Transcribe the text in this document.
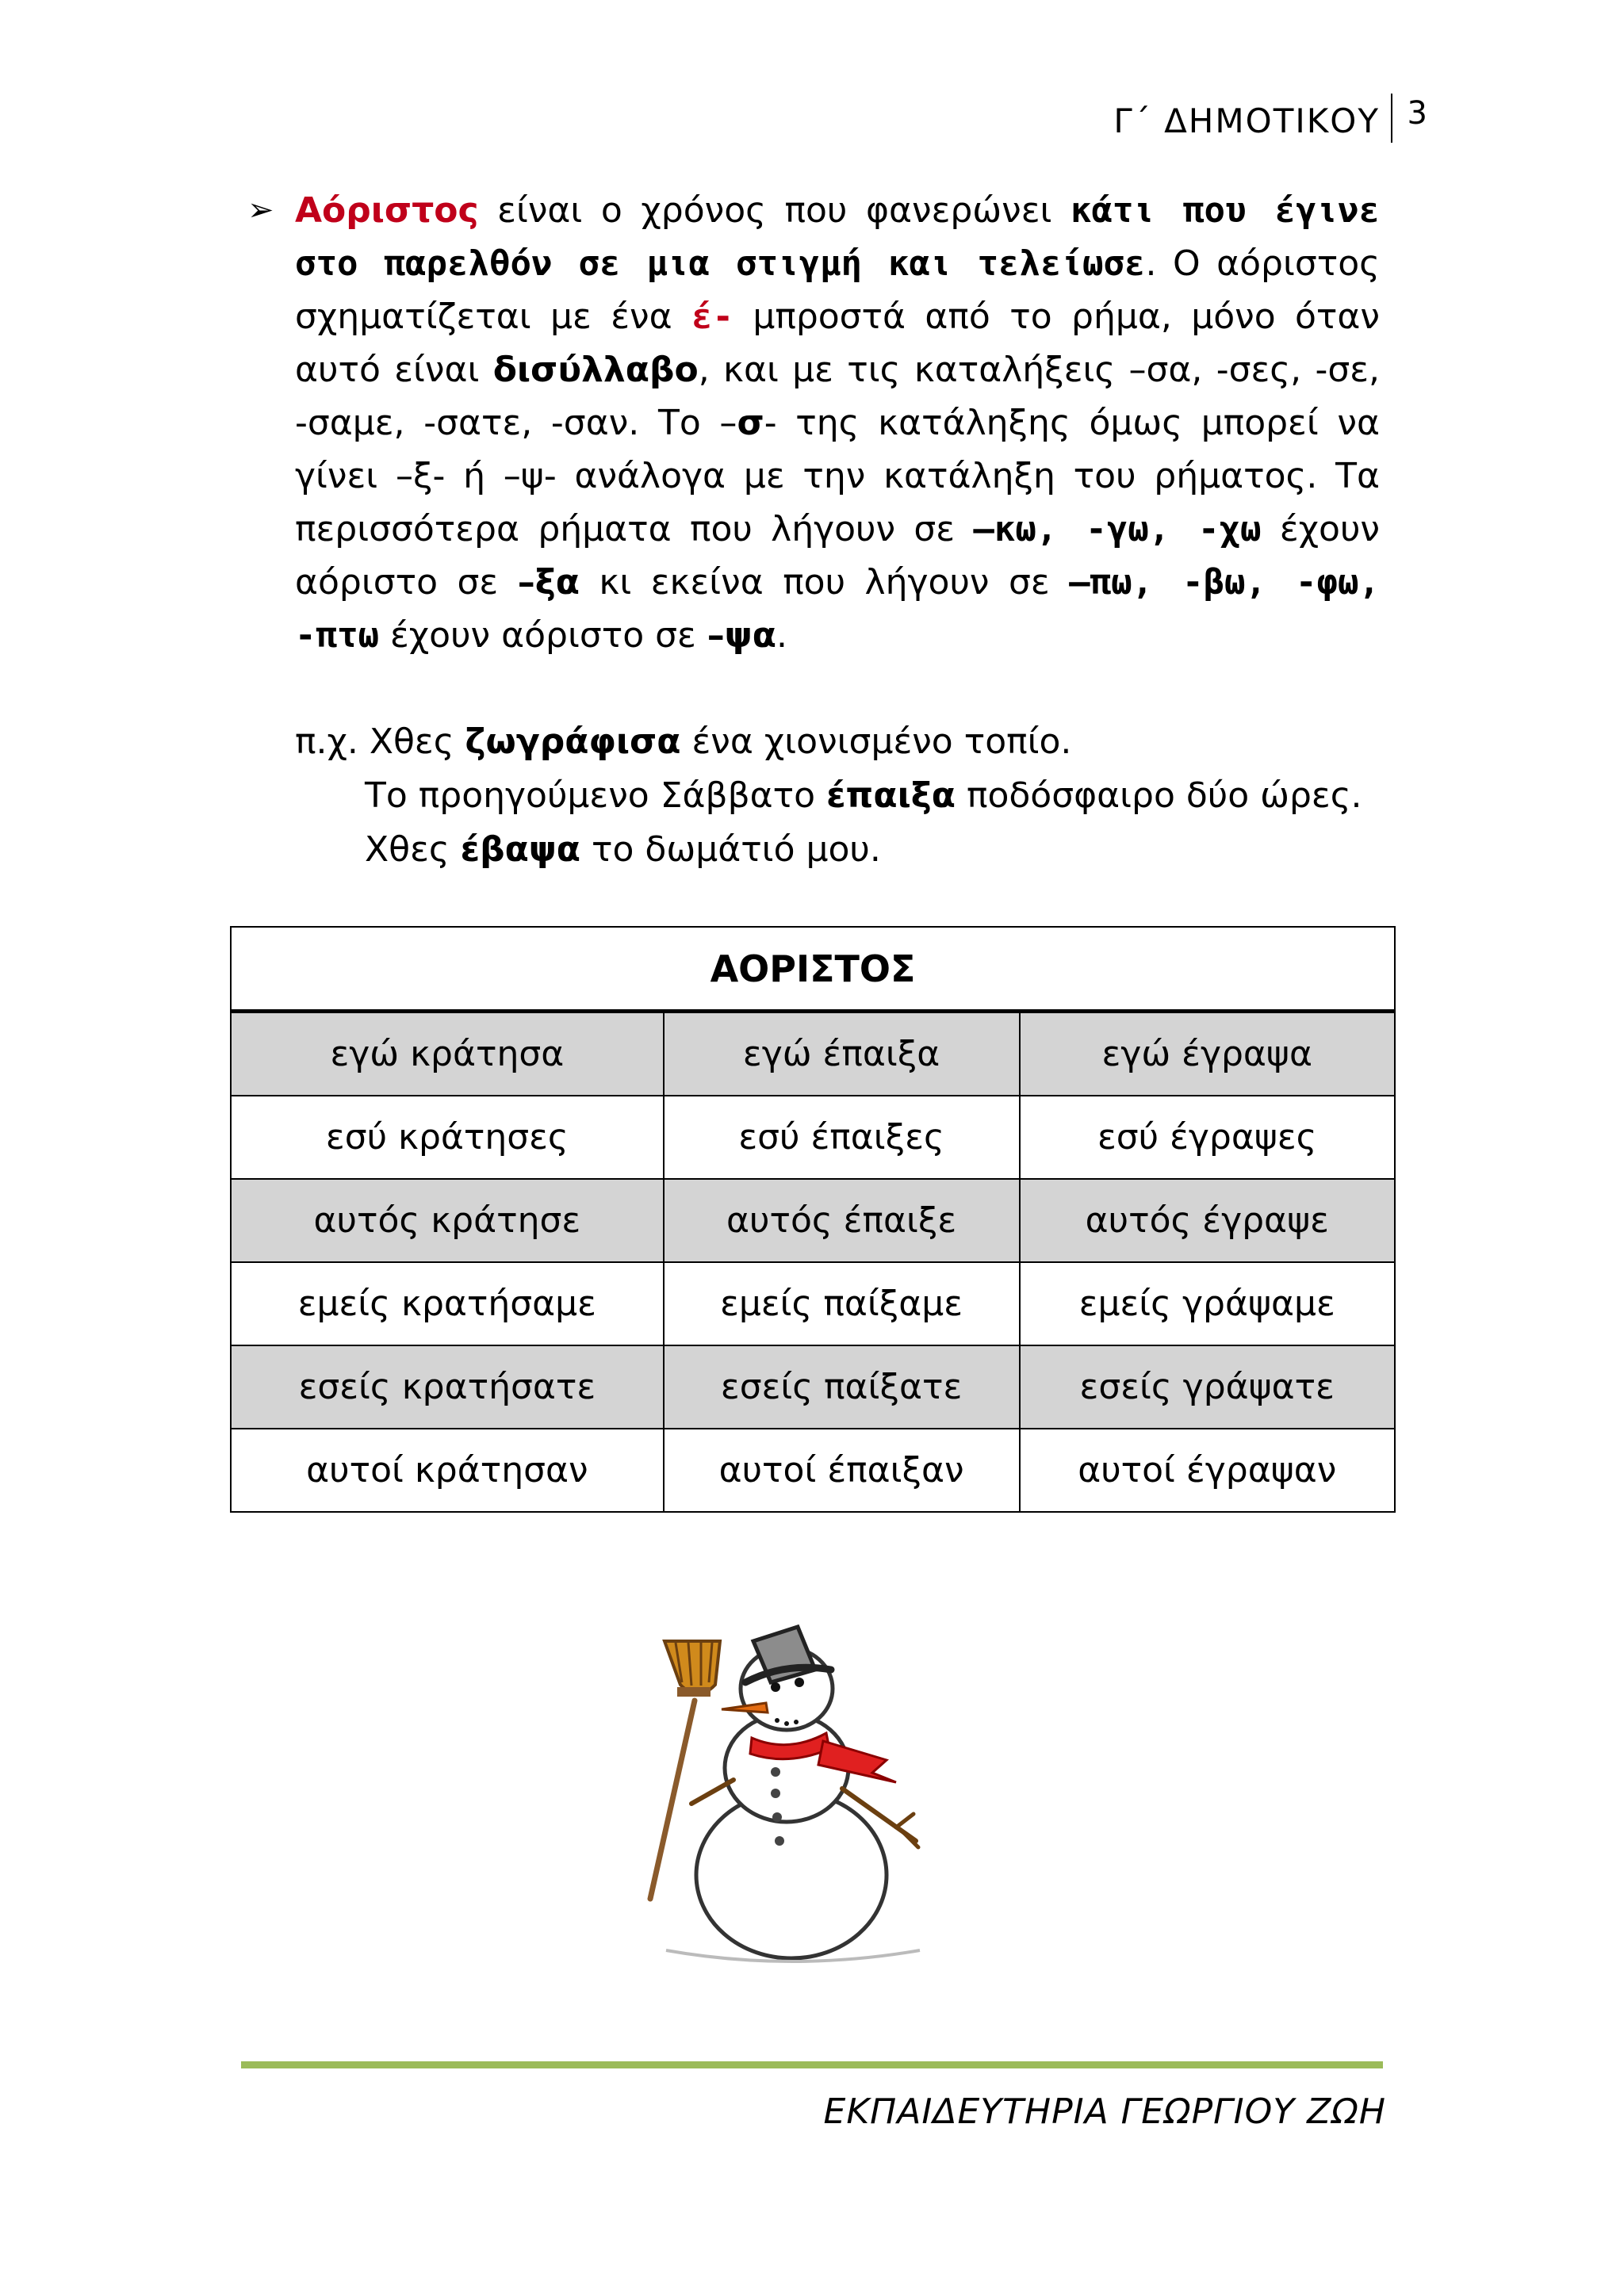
Γ΄ ΔΗΜΟΤΙΚΟΥ 3
➢ Αόριστος είναι ο χρόνος που φανερώνει κάτι που έγινε στο παρελθόν σε μια στιγμή και τελείωσε. Ο αόριστος σχηματίζεται με ένα έ- μπροστά από το ρήμα, μόνο όταν αυτό είναι δισύλλαβο, και με τις καταλήξεις –σα, -σες, -σε, -σαμε, -σατε, -σαν. Το –σ- της κατάληξης όμως μπορεί να γίνει –ξ- ή –ψ- ανάλογα με την κατάληξη του ρήματος. Τα περισσότερα ρήματα που λήγουν σε –κω, -γω, -χω έχουν αόριστο σε –ξα κι εκείνα που λήγουν σε –πω, -βω, -φω, -πτω έχουν αόριστο σε –ψα.
π.χ. Χθες ζωγράφισα ένα χιονισμένο τοπίο.
Το προηγούμενο Σάββατο έπαιξα ποδόσφαιρο δύο ώρες.
Χθες έβαψα το δωμάτιό μου.
ΑΟΡΙΣΤΟΣ		
εγώ κράτησα	εγώ έπαιξα	εγώ έγραψα
εσύ κράτησες	εσύ έπαιξες	εσύ έγραψες
αυτός κράτησε	αυτός έπαιξε	αυτός έγραψε
εμείς κρατήσαμε	εμείς παίξαμε	εμείς γράψαμε
εσείς κρατήσατε	εσείς παίξατε	εσείς γράψατε
αυτοί κράτησαν	αυτοί έπαιξαν	αυτοί έγραψαν
ΕΚΠΑΙΔΕΥΤΗΡΙΑ ΓΕΩΡΓΙΟΥ ΖΩΗ
